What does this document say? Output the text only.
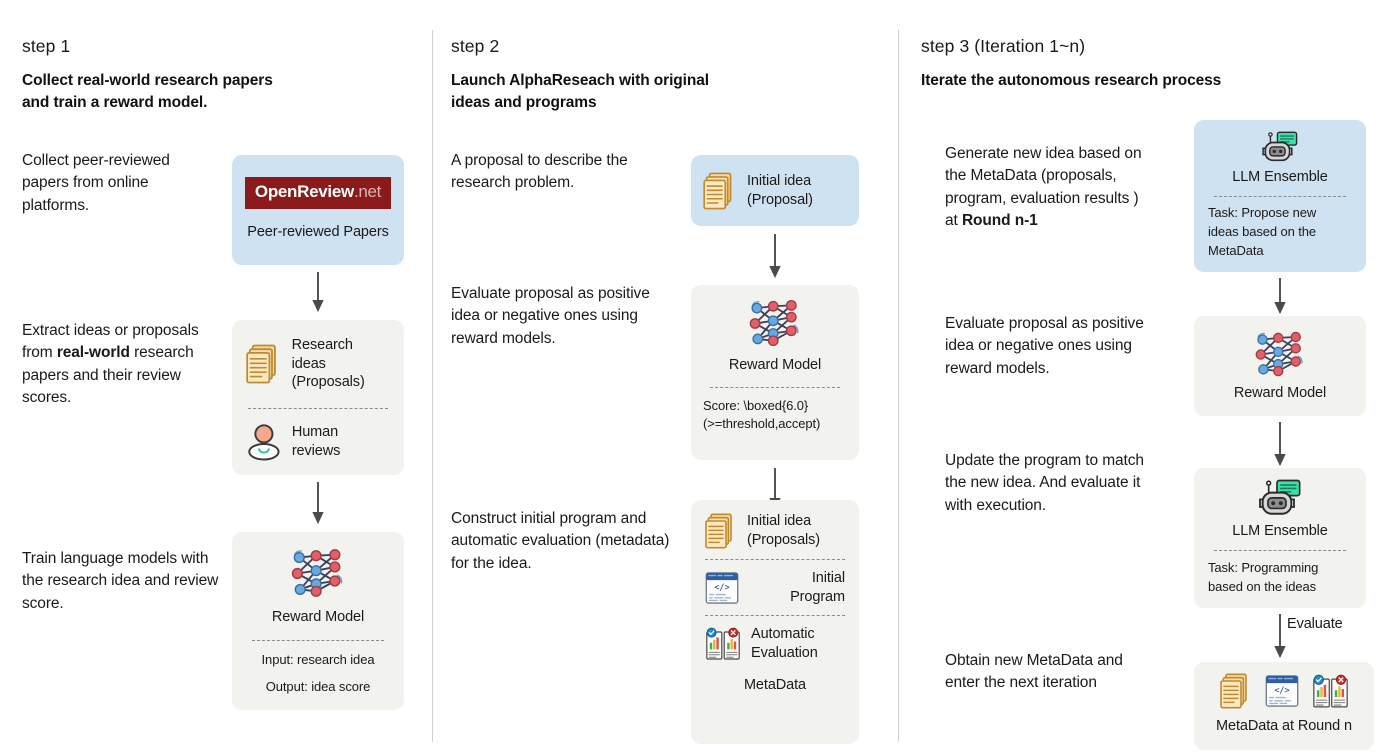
step 1
Collect real-world research papers
and train a reward model.
Collect peer-reviewed papers from online platforms.
Extract ideas or proposals from real-world research papers and their review scores.
Train language models with the research idea and review score.
OpenReview.net
Peer-reviewed Papers
Research ideas
(Proposals)
Human reviews
Reward Model
Input: research idea
Output: idea score
step 2
Launch AlphaReseach with original
ideas and programs
A proposal to describe the research problem.
Evaluate proposal as positive idea or negative ones using reward models.
Construct initial program and automatic evaluation (metadata) for the idea.
Initial idea
(Proposal)
Reward Model
Score: \boxed{6.0}
(>=threshold,accept)
Initial idea
(Proposals)
Initial
Program
Automatic
Evaluation
MetaData
step 3 (Iteration 1~n)
Iterate the autonomous research process
Generate new idea based on the MetaData (proposals, program, evaluation results ) at Round n-1
Evaluate proposal as positive idea or negative ones using reward models.
Update the program to match the new idea. And evaluate it with execution.
Obtain new MetaData and enter the next iteration
LLM Ensemble
Task: Propose new
ideas based on the
MetaData
Reward Model
LLM Ensemble
Task: Programming
based on the ideas
Evaluate
MetaData at Round n
